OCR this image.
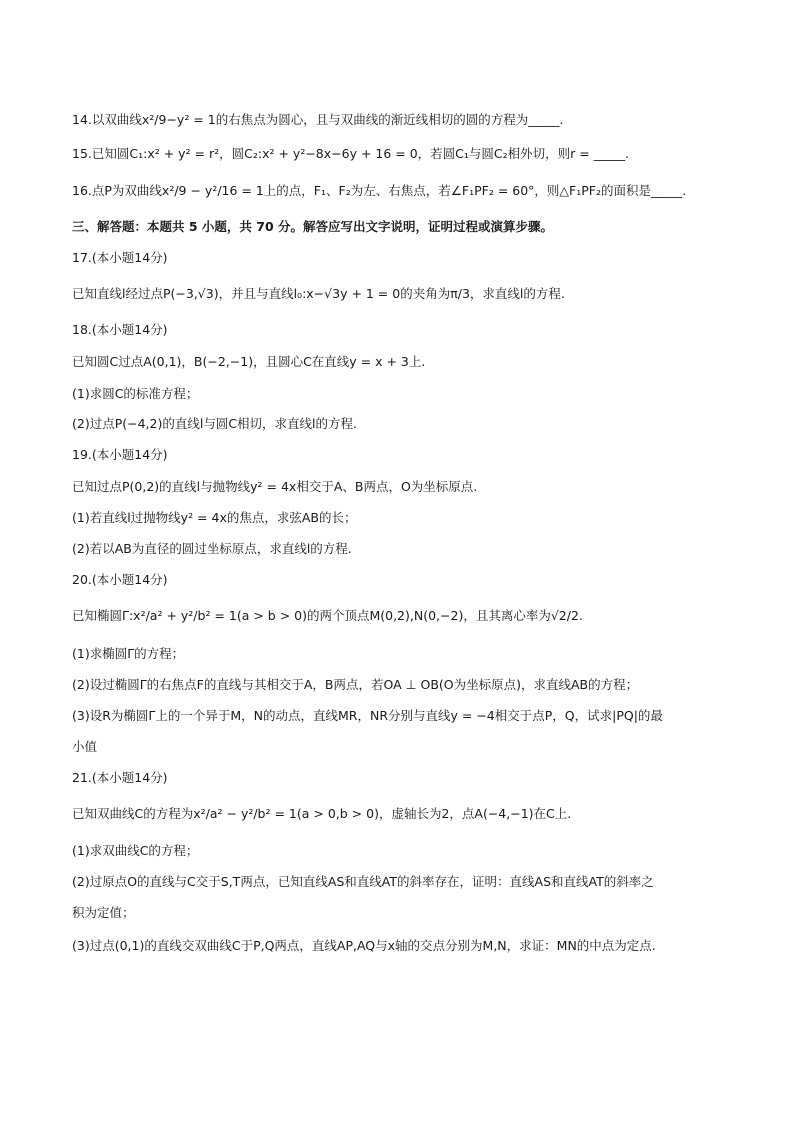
14.以双曲线x²/9−y² = 1的右焦点为圆心，且与双曲线的渐近线相切的圆的方程为_____.
15.已知圆C₁:x² + y² = r²，圆C₂:x² + y²−8x−6y + 16 = 0，若圆C₁与圆C₂相外切，则r = _____.
16.点P为双曲线x²/9 − y²/16 = 1上的点，F₁、F₂为左、右焦点，若∠F₁PF₂ = 60°，则△F₁PF₂的面积是_____.
三、解答题：本题共 5 小题，共 70 分。解答应写出文字说明，证明过程或演算步骤。
17.(本小题14分)
已知直线l经过点P(−3,√3)，并且与直线l₀:x−√3y + 1 = 0的夹角为π/3，求直线l的方程.
18.(本小题14分)
已知圆C过点A(0,1)，B(−2,−1)，且圆心C在直线y = x + 3上.
(1)求圆C的标准方程；
(2)过点P(−4,2)的直线l与圆C相切，求直线l的方程.
19.(本小题14分)
已知过点P(0,2)的直线l与抛物线y² = 4x相交于A、B两点，O为坐标原点.
(1)若直线l过抛物线y² = 4x的焦点，求弦AB的长；
(2)若以AB为直径的圆过坐标原点，求直线l的方程.
20.(本小题14分)
已知椭圆Γ:x²/a² + y²/b² = 1(a > b > 0)的两个顶点M(0,2),N(0,−2)，且其离心率为√2/2.
(1)求椭圆Γ的方程；
(2)设过椭圆Γ的右焦点F的直线与其相交于A，B两点，若OA ⊥ OB(O为坐标原点)，求直线AB的方程；
(3)设R为椭圆Γ上的一个异于M，N的动点，直线MR，NR分别与直线y = −4相交于点P，Q，试求|PQ|的最
小值
21.(本小题14分)
已知双曲线C的方程为x²/a² − y²/b² = 1(a > 0,b > 0)，虚轴长为2，点A(−4,−1)在C上.
(1)求双曲线C的方程；
(2)过原点O的直线与C交于S,T两点，已知直线AS和直线AT的斜率存在，证明：直线AS和直线AT的斜率之
积为定值；
(3)过点(0,1)的直线交双曲线C于P,Q两点，直线AP,AQ与x轴的交点分别为M,N，求证：MN的中点为定点.
